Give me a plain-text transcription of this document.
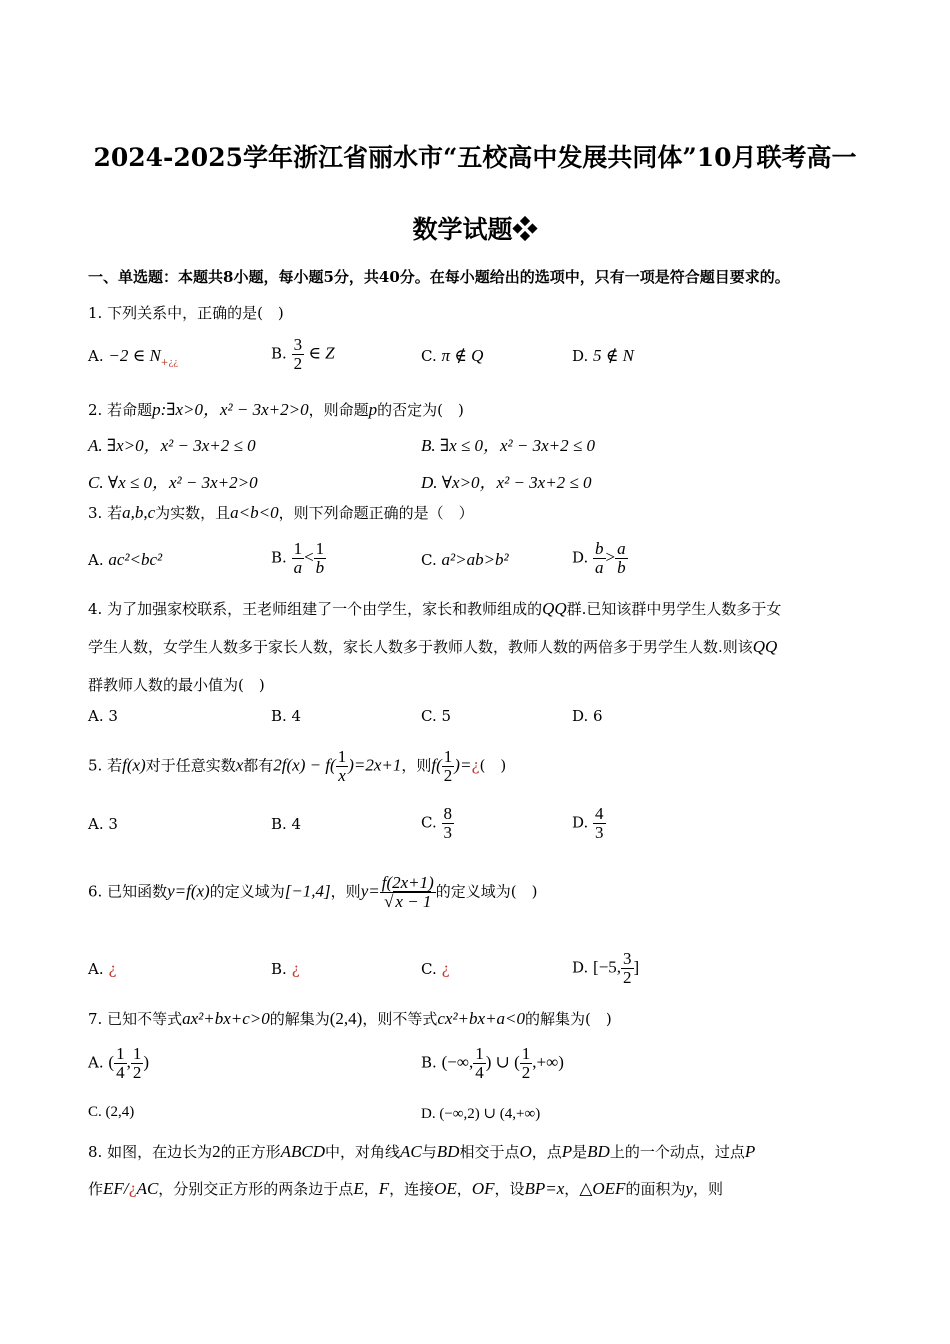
2024-2025学年浙江省丽水市“五校高中发展共同体”10月联考高一
数学试题❖
一、单选题：本题共8小题，每小题5分，共40分。在每小题给出的选项中，只有一项是符合题目要求的。
1. 下列关系中，正确的是(　)
A. −2 ∈ $N_{+¿¿}$
B. $\frac{3}{2}$ ∈ Z	C. π ∉ Q	D. 5 ∉ N
2. 若命题p:∃x>0，x² − 3x+2>0，则命题p的否定为(　)
A. ∃x>0，x² − 3x+2 ≤ 0	B. ∃x ≤ 0，x² − 3x+2 ≤ 0
C. ∀x ≤ 0，x² − 3x+2>0	D. ∀x>0，x² − 3x+2 ≤ 0
3. 若a,b,c为实数，且a<b<0，则下列命题正确的是（　）
A. ac²<bc²	B. $\frac{1}{a} < \frac{1}{b}$	C. a²>ab>b²	D. $\frac{b}{a} > \frac{a}{b}$
4. 为了加强家校联系，王老师组建了一个由学生，家长和教师组成的QQ群.已知该群中男学生人数多于女
学生人数，女学生人数多于家长人数，家长人数多于教师人数，教师人数的两倍多于男学生人数.则该QQ
群教师人数的最小值为(　)
A. 3	B. 4	C. 5	D. 6
5. 若f(x)对于任意实数x都有$2f(x) - f( \frac{1}{x} )=2x+1$，则$f( \frac{1}{2}$ )=¿(　)
A. 3	B. 4	C. $\frac{8}{3}$	D. $\frac{4}{3}$
6. 已知函数y=f(x)的定义域为[−1,4]，则$y= \frac{f(2x+1)}{√ x - 1}$ 的定义域为(　)
A. ¿	B. ¿	C. ¿	D. [−5, $\frac{3}{2}$ ]
7. 已知不等式ax²+bx+c>0的解集为(2,4)，则不等式cx²+bx+a<0的解集为(　)
A. ( $\frac{1}{4}$ , $\frac{1}{2}$ )	B. (−∞, $\frac{1}{4}$ ) ∪ ( $\frac{1}{2}$ ,+∞)
C. (2,4)	D. (−∞,2) ∪ (4,+∞)
8. 如图，在边长为2的正方形ABCD中，对角线AC与BD相交于点O，点P是BD上的一个动点，过点P
作EF/¿AC，分别交正方形的两条边于点E，F，连接OE，OF，设BP=x，△OEF的面积为y，则
